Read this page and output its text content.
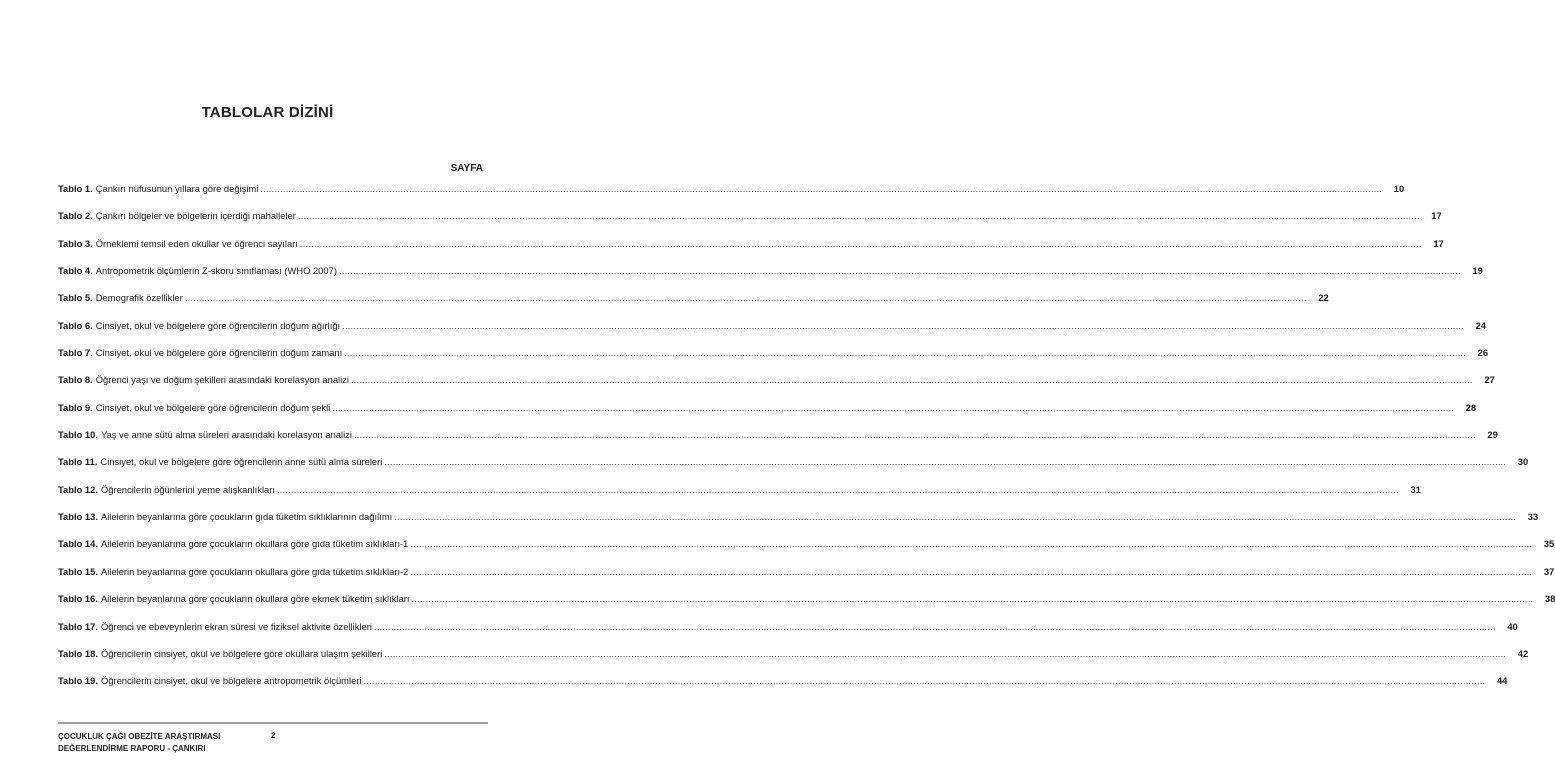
TABLOLAR DİZİNİ
SAYFA
Tablo 1. Çankırı nüfusunun yıllara göre değişimi ................................................................................................................................................................................................................................................................................................................................................................................................................	10
Tablo 2. Çankırı bölgeler ve bölgelerin içerdiği mahalleler ................................................................................................................................................................................................................................................................................................................................................................................................................	17
Tablo 3. Örneklemi temsil eden okullar ve öğrenci sayıları ................................................................................................................................................................................................................................................................................................................................................................................................................	17
Tablo 4. Antropometrik ölçümlerin Z-skoru sınıflaması (WHO 2007) ................................................................................................................................................................................................................................................................................................................................................................................................................	19
Tablo 5. Demografik özellikler ................................................................................................................................................................................................................................................................................................................................................................................................................	22
Tablo 6. Cinsiyet, okul ve bölgelere göre öğrencilerin doğum ağırlığı ................................................................................................................................................................................................................................................................................................................................................................................................................	24
Tablo 7. Cinsiyet, okul ve bölgelere göre öğrencilerin doğum zamanı ................................................................................................................................................................................................................................................................................................................................................................................................................	26
Tablo 8. Öğrenci yaşı ve doğum şekilleri arasındaki korelasyon analizi ................................................................................................................................................................................................................................................................................................................................................................................................................	27
Tablo 9. Cinsiyet, okul ve bölgelere göre öğrencilerin doğum şekli ................................................................................................................................................................................................................................................................................................................................................................................................................	28
Tablo 10. Yaş ve anne sütü alma süreleri arasındaki korelasyon analizi ................................................................................................................................................................................................................................................................................................................................................................................................................	29
Tablo 11. Cinsiyet, okul ve bölgelere göre öğrencilerin anne sütü alma süreleri ................................................................................................................................................................................................................................................................................................................................................................................................................	30
Tablo 12. Öğrencilerin öğünlerini yeme alışkanlıkları ................................................................................................................................................................................................................................................................................................................................................................................................................	31
Tablo 13. Ailelerin beyanlarına göre çocukların gıda tüketim sıklıklarının dağılımı ................................................................................................................................................................................................................................................................................................................................................................................................................	33
Tablo 14. Ailelerin beyanlarına göre çocukların okullara göre gıda tüketim sıklıkları-1 ................................................................................................................................................................................................................................................................................................................................................................................................................	35
Tablo 15. Ailelerin beyanlarına göre çocukların okullara göre gıda tüketim sıklıkları-2 ................................................................................................................................................................................................................................................................................................................................................................................................................	37
Tablo 16. Ailelerin beyanlarına göre çocukların okullara göre ekmek tüketim sıklıkları ................................................................................................................................................................................................................................................................................................................................................................................................................	38
Tablo 17. Öğrenci ve ebeveynlerin ekran süresi ve fiziksel aktivite özellikleri ................................................................................................................................................................................................................................................................................................................................................................................................................	40
Tablo 18. Öğrencilerin cinsiyet, okul ve bölgelere göre okullara ulaşım şekilleri ................................................................................................................................................................................................................................................................................................................................................................................................................	42
Tablo 19. Öğrencilerin cinsiyet, okul ve bölgelere antropometrik ölçümleri ................................................................................................................................................................................................................................................................................................................................................................................................................	44
ÇOCUKLUK ÇAĞI OBEZİTE ARAŞTIRMASI
DEĞERLENDİRME RAPORU - ÇANKIRI
2
